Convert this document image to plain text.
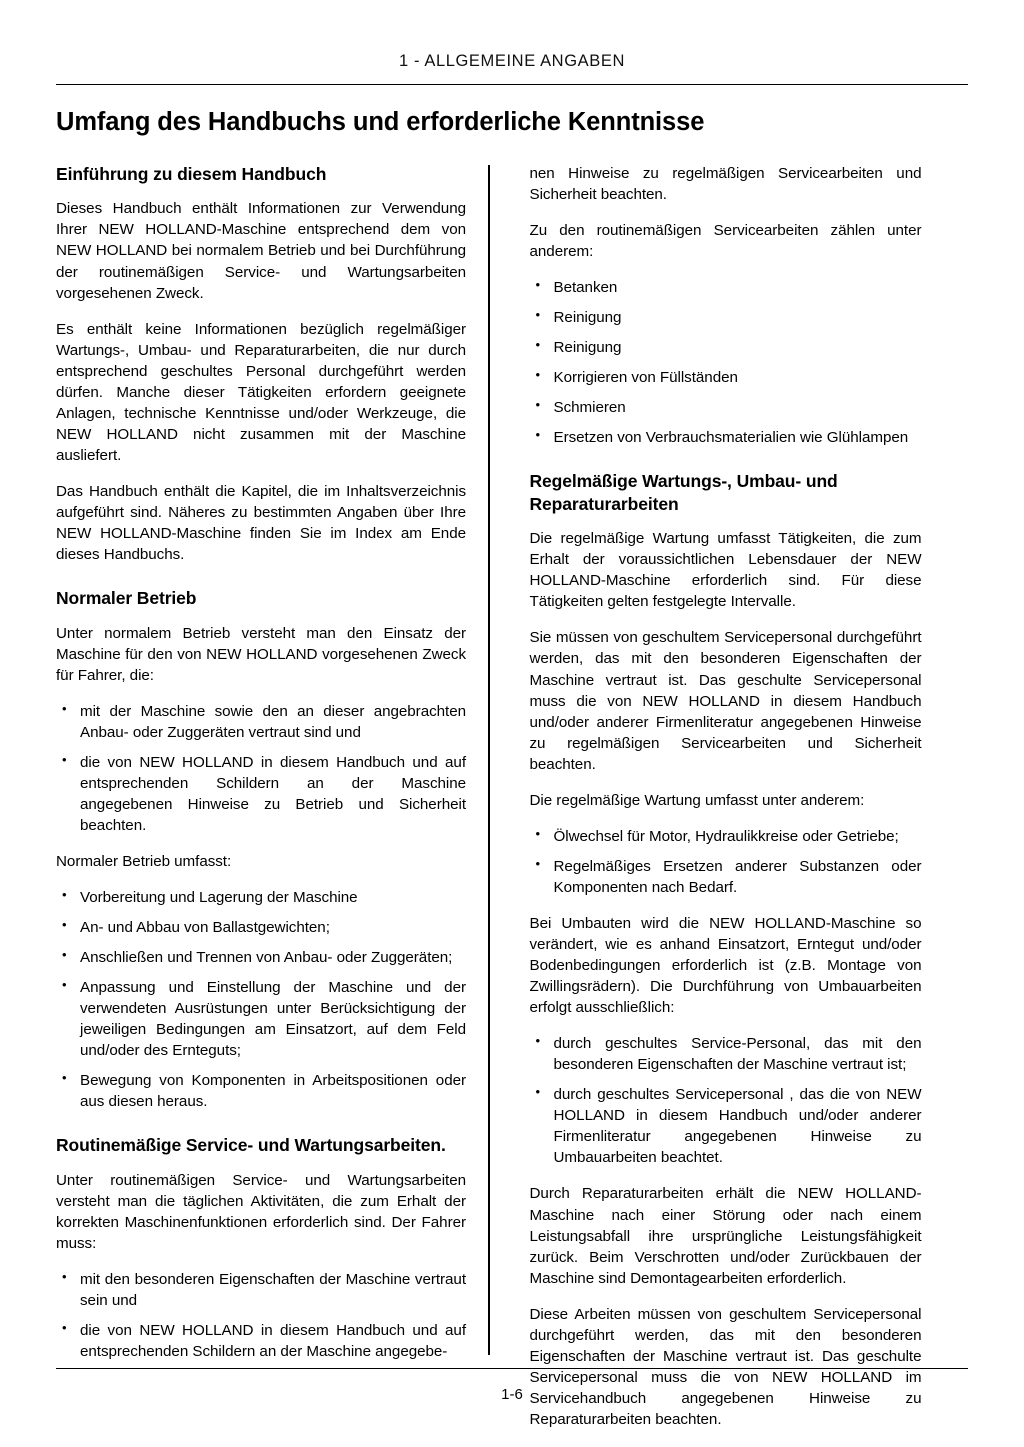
1 - ALLGEMEINE ANGABEN
Umfang des Handbuchs und erforderliche Kenntnisse
Einführung zu diesem Handbuch

Dieses Handbuch enthält Informationen zur Verwendung Ihrer NEW HOLLAND-Maschine entsprechend dem von NEW HOLLAND bei normalem Betrieb und bei Durchführung der routinemäßigen Service- und Wartungsarbeiten vorgesehenen Zweck.

Es enthält keine Informationen bezüglich regelmäßiger Wartungs-, Umbau- und Reparaturarbeiten, die nur durch entsprechend geschultes Personal durchgeführt werden dürfen. Manche dieser Tätigkeiten erfordern geeignete Anlagen, technische Kenntnisse und/oder Werkzeuge, die NEW HOLLAND nicht zusammen mit der Maschine ausliefert.

Das Handbuch enthält die Kapitel, die im Inhaltsverzeichnis aufgeführt sind. Näheres zu bestimmten Angaben über Ihre NEW HOLLAND-Maschine finden Sie im Index am Ende dieses Handbuchs.

Normaler Betrieb

Unter normalem Betrieb versteht man den Einsatz der Maschine für den von NEW HOLLAND vorgesehenen Zweck für Fahrer, die:

• mit der Maschine sowie den an dieser angebrachten Anbau- oder Zuggeräten vertraut sind und
• die von NEW HOLLAND in diesem Handbuch und auf entsprechenden Schildern an der Maschine angegebenen Hinweise zu Betrieb und Sicherheit beachten.

Normaler Betrieb umfasst:

• Vorbereitung und Lagerung der Maschine
• An- und Abbau von Ballastgewichten;
• Anschließen und Trennen von Anbau- oder Zuggeräten;
• Anpassung und Einstellung der Maschine und der verwendeten Ausrüstungen unter Berücksichtigung der jeweiligen Bedingungen am Einsatzort, auf dem Feld und/oder des Ernteguts;
• Bewegung von Komponenten in Arbeitspositionen oder aus diesen heraus.
Routinemäßige Service- und Wartungsarbeiten.

Unter routinemäßigen Service- und Wartungsarbeiten versteht man die täglichen Aktivitäten, die zum Erhalt der korrekten Maschinenfunktionen erforderlich sind. Der Fahrer muss:

• mit den besonderen Eigenschaften der Maschine vertraut sein und
• die von NEW HOLLAND in diesem Handbuch und auf entsprechenden Schildern an der Maschine angegebe-

nen Hinweise zu regelmäßigen Servicearbeiten und Sicherheit beachten.

Zu den routinemäßigen Servicearbeiten zählen unter anderem:

• Betanken
• Reinigung
• Reinigung
• Korrigieren von Füllständen
• Schmieren
• Ersetzen von Verbrauchsmaterialien wie Glühlampen
Regelmäßige Wartungs-, Umbau- und Reparaturarbeiten

Die regelmäßige Wartung umfasst Tätigkeiten, die zum Erhalt der voraussichtlichen Lebensdauer der NEW HOLLAND-Maschine erforderlich sind. Für diese Tätigkeiten gelten festgelegte Intervalle.

Sie müssen von geschultem Servicepersonal durchgeführt werden, das mit den besonderen Eigenschaften der Maschine vertraut ist. Das geschulte Servicepersonal muss die von NEW HOLLAND in diesem Handbuch und/oder anderer Firmenliteratur angegebenen Hinweise zu regelmäßigen Servicearbeiten und Sicherheit beachten.

Die regelmäßige Wartung umfasst unter anderem:

• Ölwechsel für Motor, Hydraulikkreise oder Getriebe;
• Regelmäßiges Ersetzen anderer Substanzen oder Komponenten nach Bedarf.

Bei Umbauten wird die NEW HOLLAND-Maschine so verändert, wie es anhand Einsatzort, Erntegut und/oder Bodenbedingungen erforderlich ist (z.B. Montage von Zwillingsrädern). Die Durchführung von Umbauarbeiten erfolgt ausschließlich:

• durch geschultes Service-Personal, das mit den besonderen Eigenschaften der Maschine vertraut ist;
• durch geschultes Servicepersonal , das die von NEW HOLLAND in diesem Handbuch und/oder anderer Firmenliteratur angegebenen Hinweise zu Umbauarbeiten beachtet.

Durch Reparaturarbeiten erhält die NEW HOLLAND-Maschine nach einer Störung oder nach einem Leistungsabfall ihre ursprüngliche Leistungsfähigkeit zurück. Beim Verschrotten und/oder Zurückbauen der Maschine sind Demontagearbeiten erforderlich.

Diese Arbeiten müssen von geschultem Servicepersonal durchgeführt werden, das mit den besonderen Eigenschaften der Maschine vertraut ist. Das geschulte Servicepersonal muss die von NEW HOLLAND im Servicehandbuch angegebenen Hinweise zu Reparaturarbeiten beachten.

1-6
